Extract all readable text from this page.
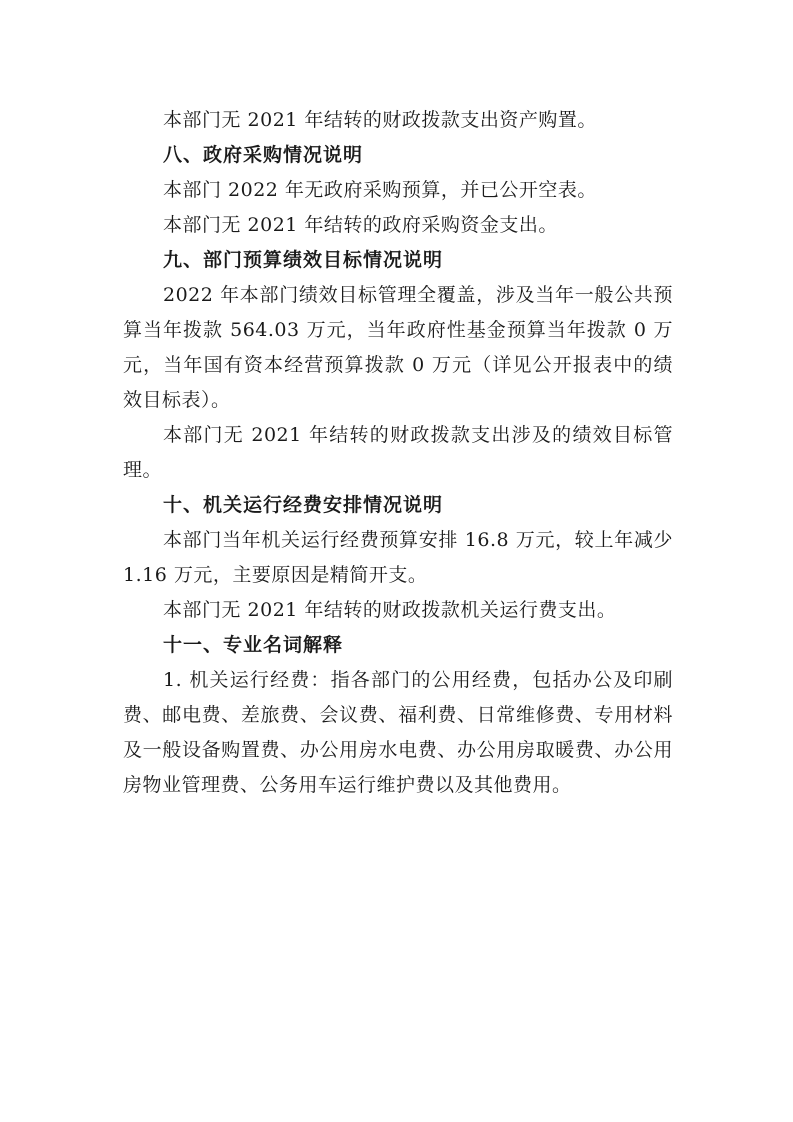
本部门无 2021 年结转的财政拨款支出资产购置。

八、政府采购情况说明

本部门 2022 年无政府采购预算，并已公开空表。

本部门无 2021 年结转的政府采购资金支出。

九、部门预算绩效目标情况说明

2022 年本部门绩效目标管理全覆盖，涉及当年一般公共预算当年拨款 564.03 万元，当年政府性基金预算当年拨款 0 万元，当年国有资本经营预算拨款 0 万元（详见公开报表中的绩效目标表）。

本部门无 2021 年结转的财政拨款支出涉及的绩效目标管理。

十、机关运行经费安排情况说明

本部门当年机关运行经费预算安排 16.8 万元，较上年减少 1.16 万元，主要原因是精简开支。

本部门无 2021 年结转的财政拨款机关运行费支出。

十一、专业名词解释

1. 机关运行经费：指各部门的公用经费，包括办公及印刷费、邮电费、差旅费、会议费、福利费、日常维修费、专用材料及一般设备购置费、办公用房水电费、办公用房取暖费、办公用房物业管理费、公务用车运行维护费以及其他费用。
